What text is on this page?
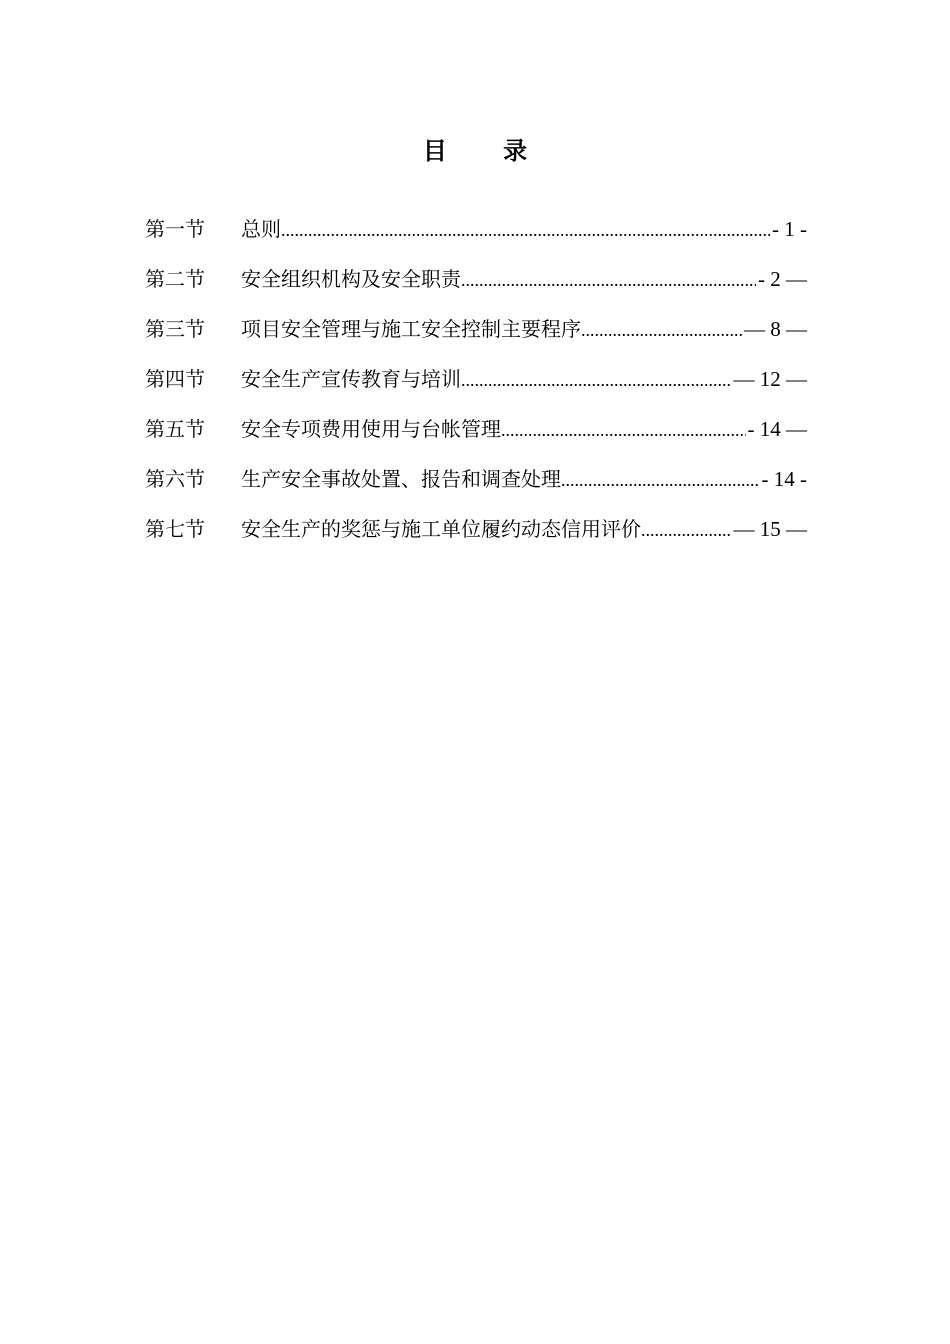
目 录
第一节	总则 .....	- 1 -
第二节	安全组织机构及安全职责 .....	- 2 —
第三节	项目安全管理与施工安全控制主要程序 .....	— 8 —
第四节	安全生产宣传教育与培训 .....	— 12 —
第五节	安全专项费用使用与台帐管理 .....	- 14 —
第六节	生产安全事故处置、报告和调查处理 .....	- 14 -
第七节	安全生产的奖惩与施工单位履约动态信用评价 .....	— 15 —
